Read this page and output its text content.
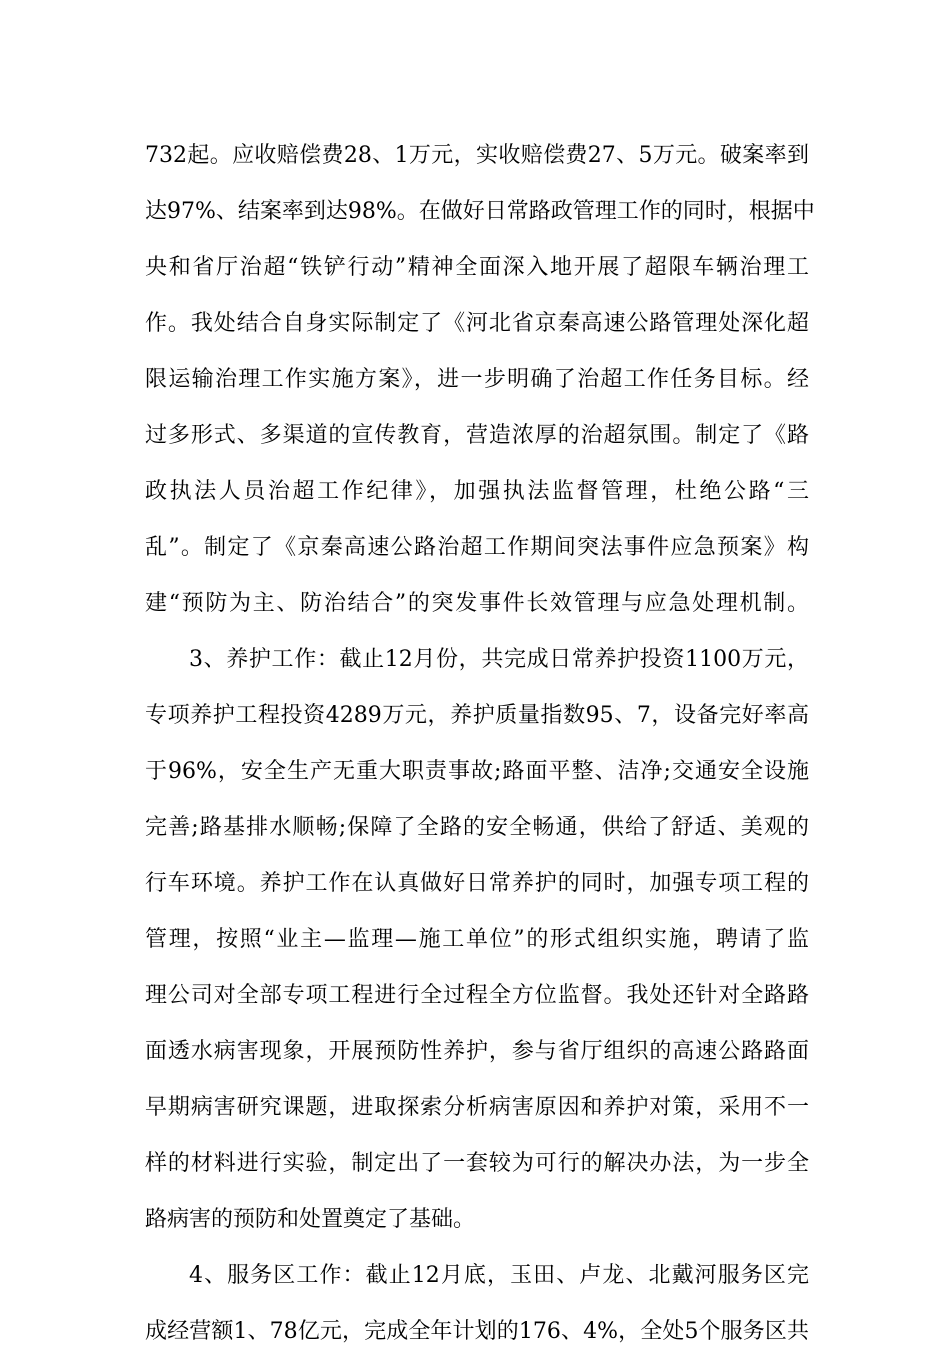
732起。应收赔偿费28、1万元，实收赔偿费27、5万元。破案率到
达97%、结案率到达98%。在做好日常路政管理工作的同时，根据中
央和省厅治超“铁铲行动”精神全面深入地开展了超限车辆治理工
作。我处结合自身实际制定了《河北省京秦高速公路管理处深化超
限运输治理工作实施方案》，进一步明确了治超工作任务目标。经
过多形式、多渠道的宣传教育，营造浓厚的治超氛围。制定了《路
政执法人员治超工作纪律》，加强执法监督管理，杜绝公路“三
乱”。制定了《京秦高速公路治超工作期间突法事件应急预案》构
建“预防为主、防治结合”的突发事件长效管理与应急处理机制。
3、养护工作：截止12月份，共完成日常养护投资1100万元，
专项养护工程投资4289万元，养护质量指数95、7，设备完好率高
于96%，安全生产无重大职责事故;路面平整、洁净;交通安全设施
完善;路基排水顺畅;保障了全路的安全畅通，供给了舒适、美观的
行车环境。养护工作在认真做好日常养护的同时，加强专项工程的
管理，按照“业主—监理—施工单位”的形式组织实施，聘请了监
理公司对全部专项工程进行全过程全方位监督。我处还针对全路路
面透水病害现象，开展预防性养护，参与省厅组织的高速公路路面
早期病害研究课题，进取探索分析病害原因和养护对策，采用不一
样的材料进行实验，制定出了一套较为可行的解决办法，为一步全
路病害的预防和处置奠定了基础。
4、服务区工作：截止12月底，玉田、卢龙、北戴河服务区完
成经营额1、78亿元，完成全年计划的176、4%，全处5个服务区共
